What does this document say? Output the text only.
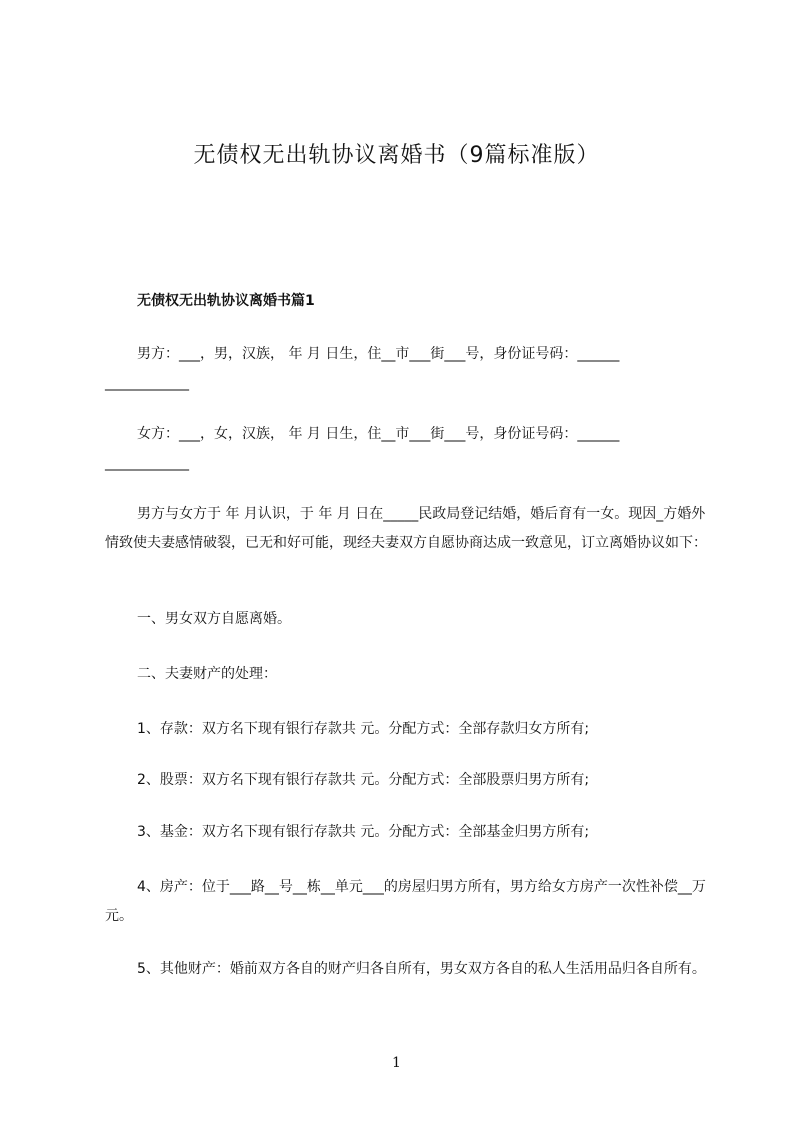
无债权无出轨协议离婚书（9篇标准版）
无债权无出轨协议离婚书篇1
男方：___，男，汉族， 年 月 日生，住__市___街___号，身份证号码：______
____________
女方：___，女，汉族， 年 月 日生，住__市___街___号，身份证号码：______
____________
男方与女方于 年 月认识，于 年 月 日在_____民政局登记结婚，婚后育有一女。现因_方婚外情致使夫妻感情破裂，已无和好可能，现经夫妻双方自愿协商达成一致意见，订立离婚协议如下：
一、男女双方自愿离婚。
二、夫妻财产的处理：
1、存款：双方名下现有银行存款共 元。分配方式：全部存款归女方所有;
2、股票：双方名下现有银行存款共 元。分配方式：全部股票归男方所有;
3、基金：双方名下现有银行存款共 元。分配方式：全部基金归男方所有;
4、房产：位于___路__号__栋__单元___的房屋归男方所有，男方给女方房产一次性补偿__万元。
5、其他财产：婚前双方各自的财产归各自所有，男女双方各自的私人生活用品归各自所有。
1
